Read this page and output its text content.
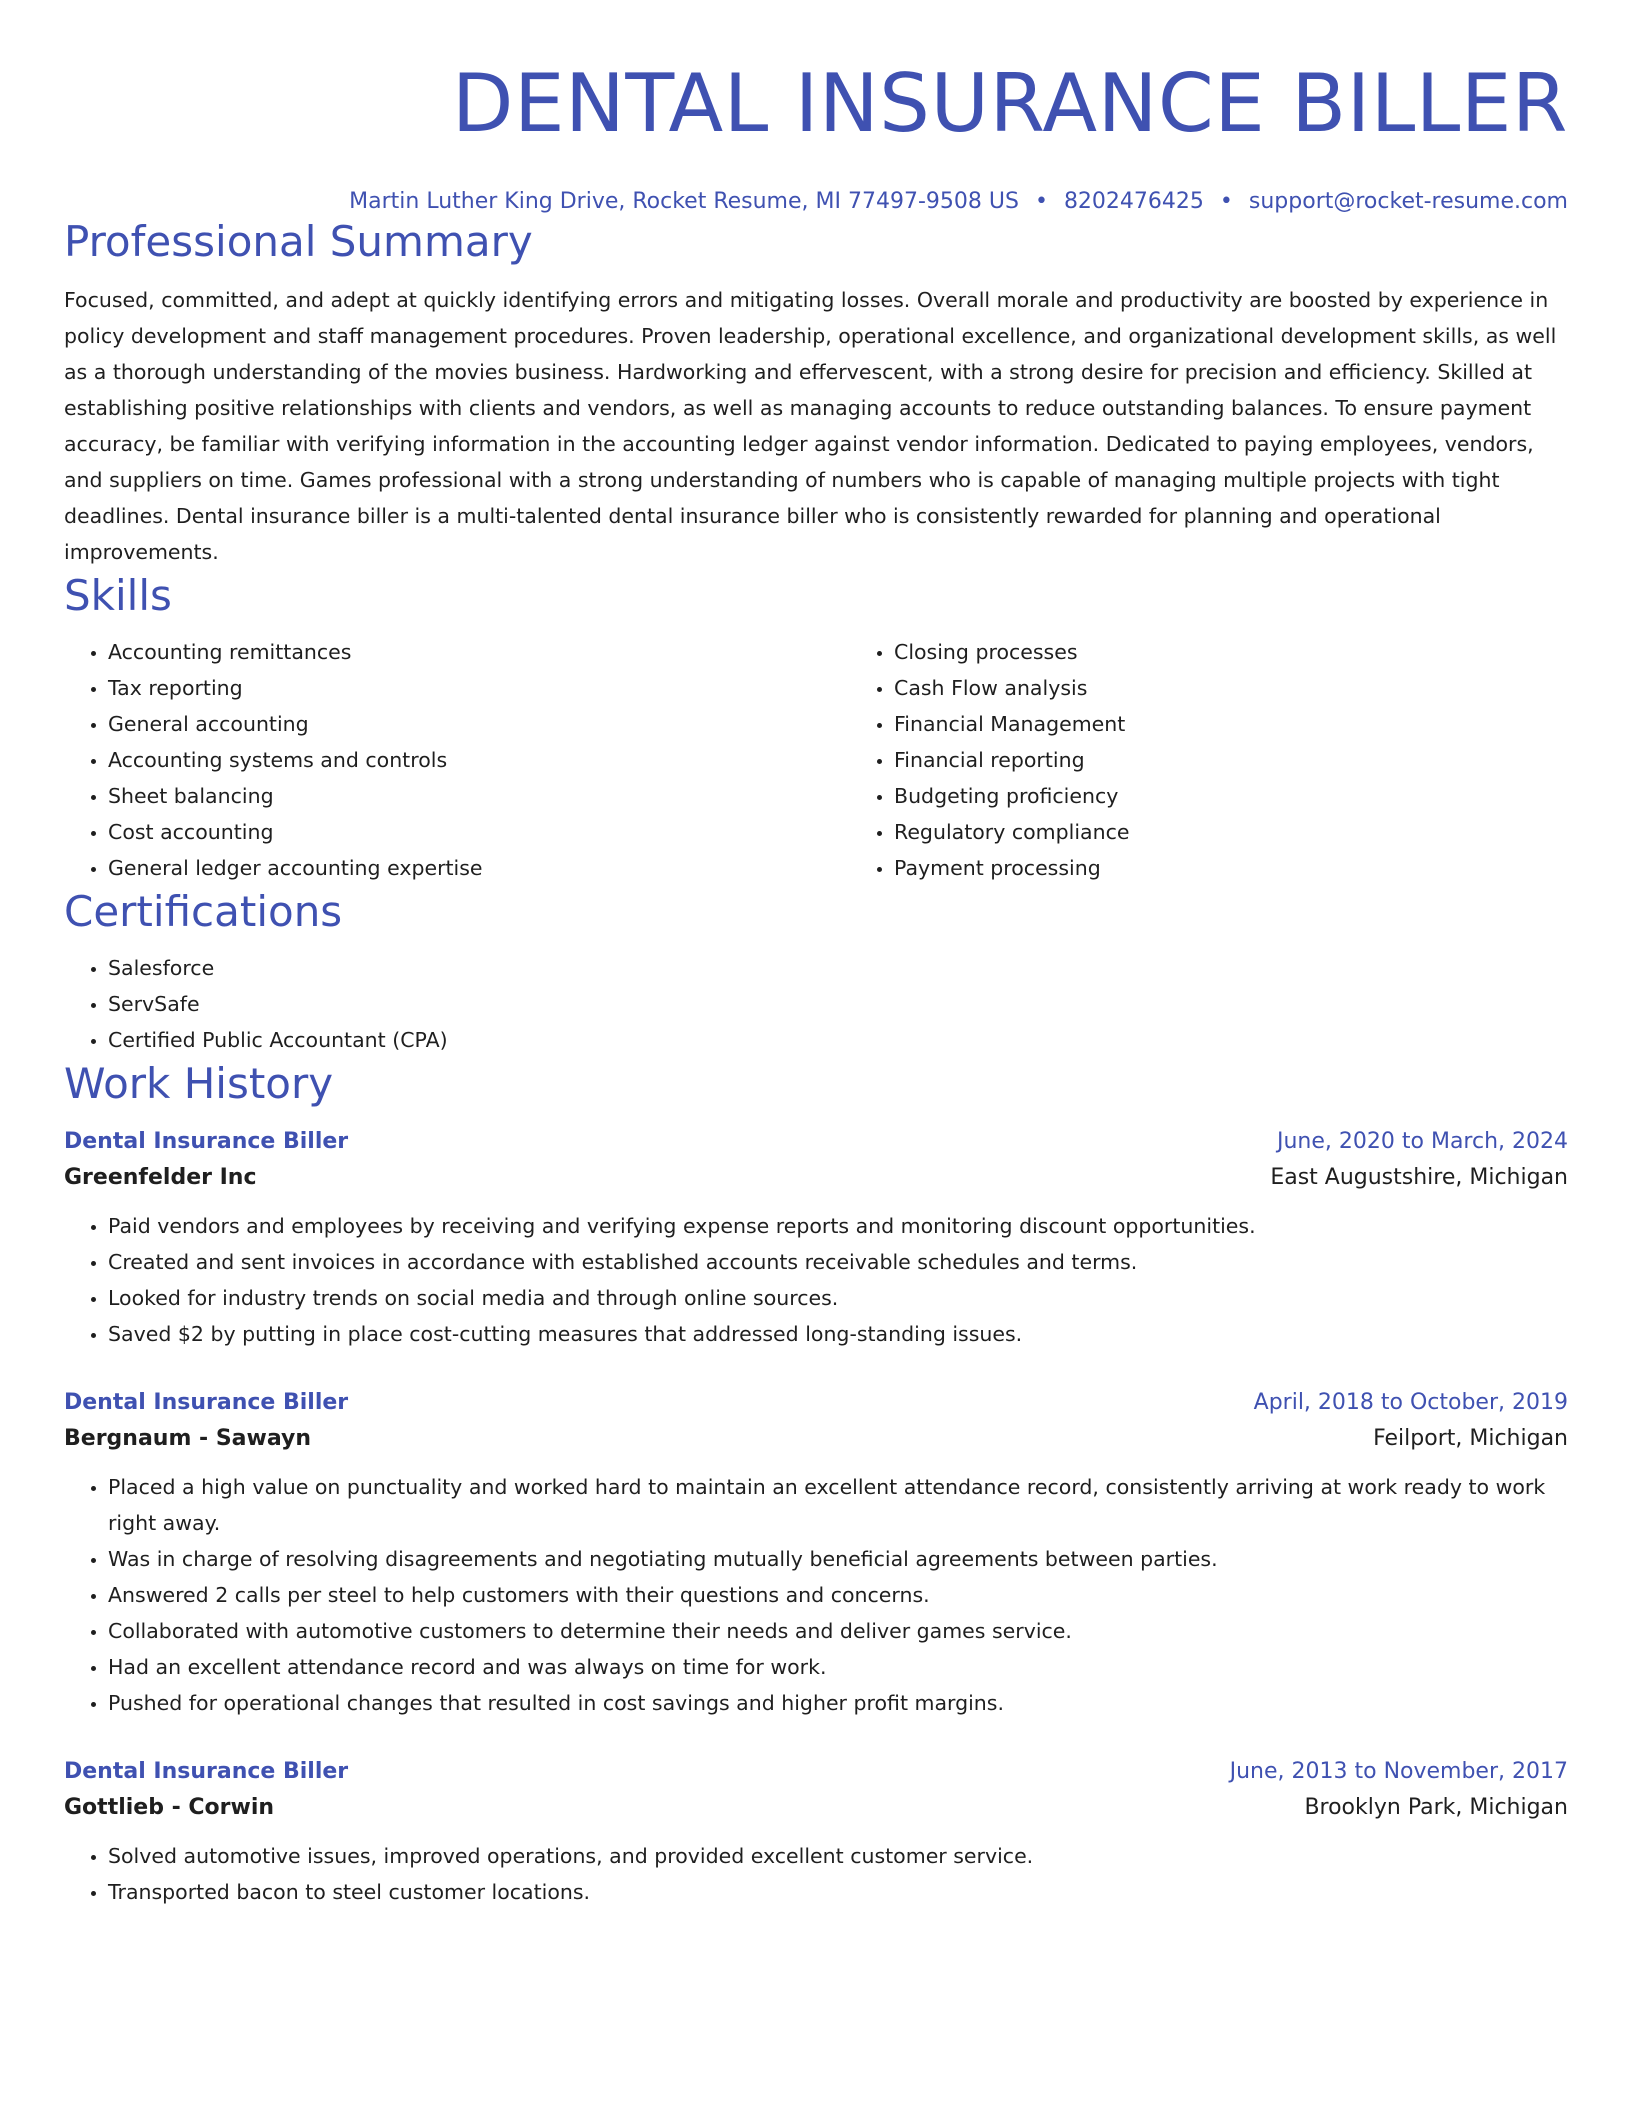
DENTAL INSURANCE BILLER
Martin Luther King Drive, Rocket Resume, MI 77497-9508 US • 8202476425 • support@rocket-resume.com
Professional Summary
Focused, committed, and adept at quickly identifying errors and mitigating losses. Overall morale and productivity are boosted by experience in policy development and staff management procedures. Proven leadership, operational excellence, and organizational development skills, as well as a thorough understanding of the movies business. Hardworking and effervescent, with a strong desire for precision and efficiency. Skilled at establishing positive relationships with clients and vendors, as well as managing accounts to reduce outstanding balances. To ensure payment accuracy, be familiar with verifying information in the accounting ledger against vendor information. Dedicated to paying employees, vendors, and suppliers on time. Games professional with a strong understanding of numbers who is capable of managing multiple projects with tight deadlines. Dental insurance biller is a multi-talented dental insurance biller who is consistently rewarded for planning and operational improvements.
Skills
• Accounting remittances
• Tax reporting
• General accounting
• Accounting systems and controls
• Sheet balancing
• Cost accounting
• General ledger accounting expertise
• Closing processes
• Cash Flow analysis
• Financial Management
• Financial reporting
• Budgeting proficiency
• Regulatory compliance
• Payment processing
Certifications
• Salesforce
• ServSafe
• Certified Public Accountant (CPA)
Work History
Dental Insurance Biller	June, 2020 to March, 2024
Greenfelder Inc	East Augustshire, Michigan
• Paid vendors and employees by receiving and verifying expense reports and monitoring discount opportunities.
• Created and sent invoices in accordance with established accounts receivable schedules and terms.
• Looked for industry trends on social media and through online sources.
• Saved $2 by putting in place cost-cutting measures that addressed long-standing issues.
Dental Insurance Biller	April, 2018 to October, 2019
Bergnaum - Sawayn	Feilport, Michigan
• Placed a high value on punctuality and worked hard to maintain an excellent attendance record, consistently arriving at work ready to work right away.
• Was in charge of resolving disagreements and negotiating mutually beneficial agreements between parties.
• Answered 2 calls per steel to help customers with their questions and concerns.
• Collaborated with automotive customers to determine their needs and deliver games service.
• Had an excellent attendance record and was always on time for work.
• Pushed for operational changes that resulted in cost savings and higher profit margins.
Dental Insurance Biller	June, 2013 to November, 2017
Gottlieb - Corwin	Brooklyn Park, Michigan
• Solved automotive issues, improved operations, and provided excellent customer service.
• Transported bacon to steel customer locations.
